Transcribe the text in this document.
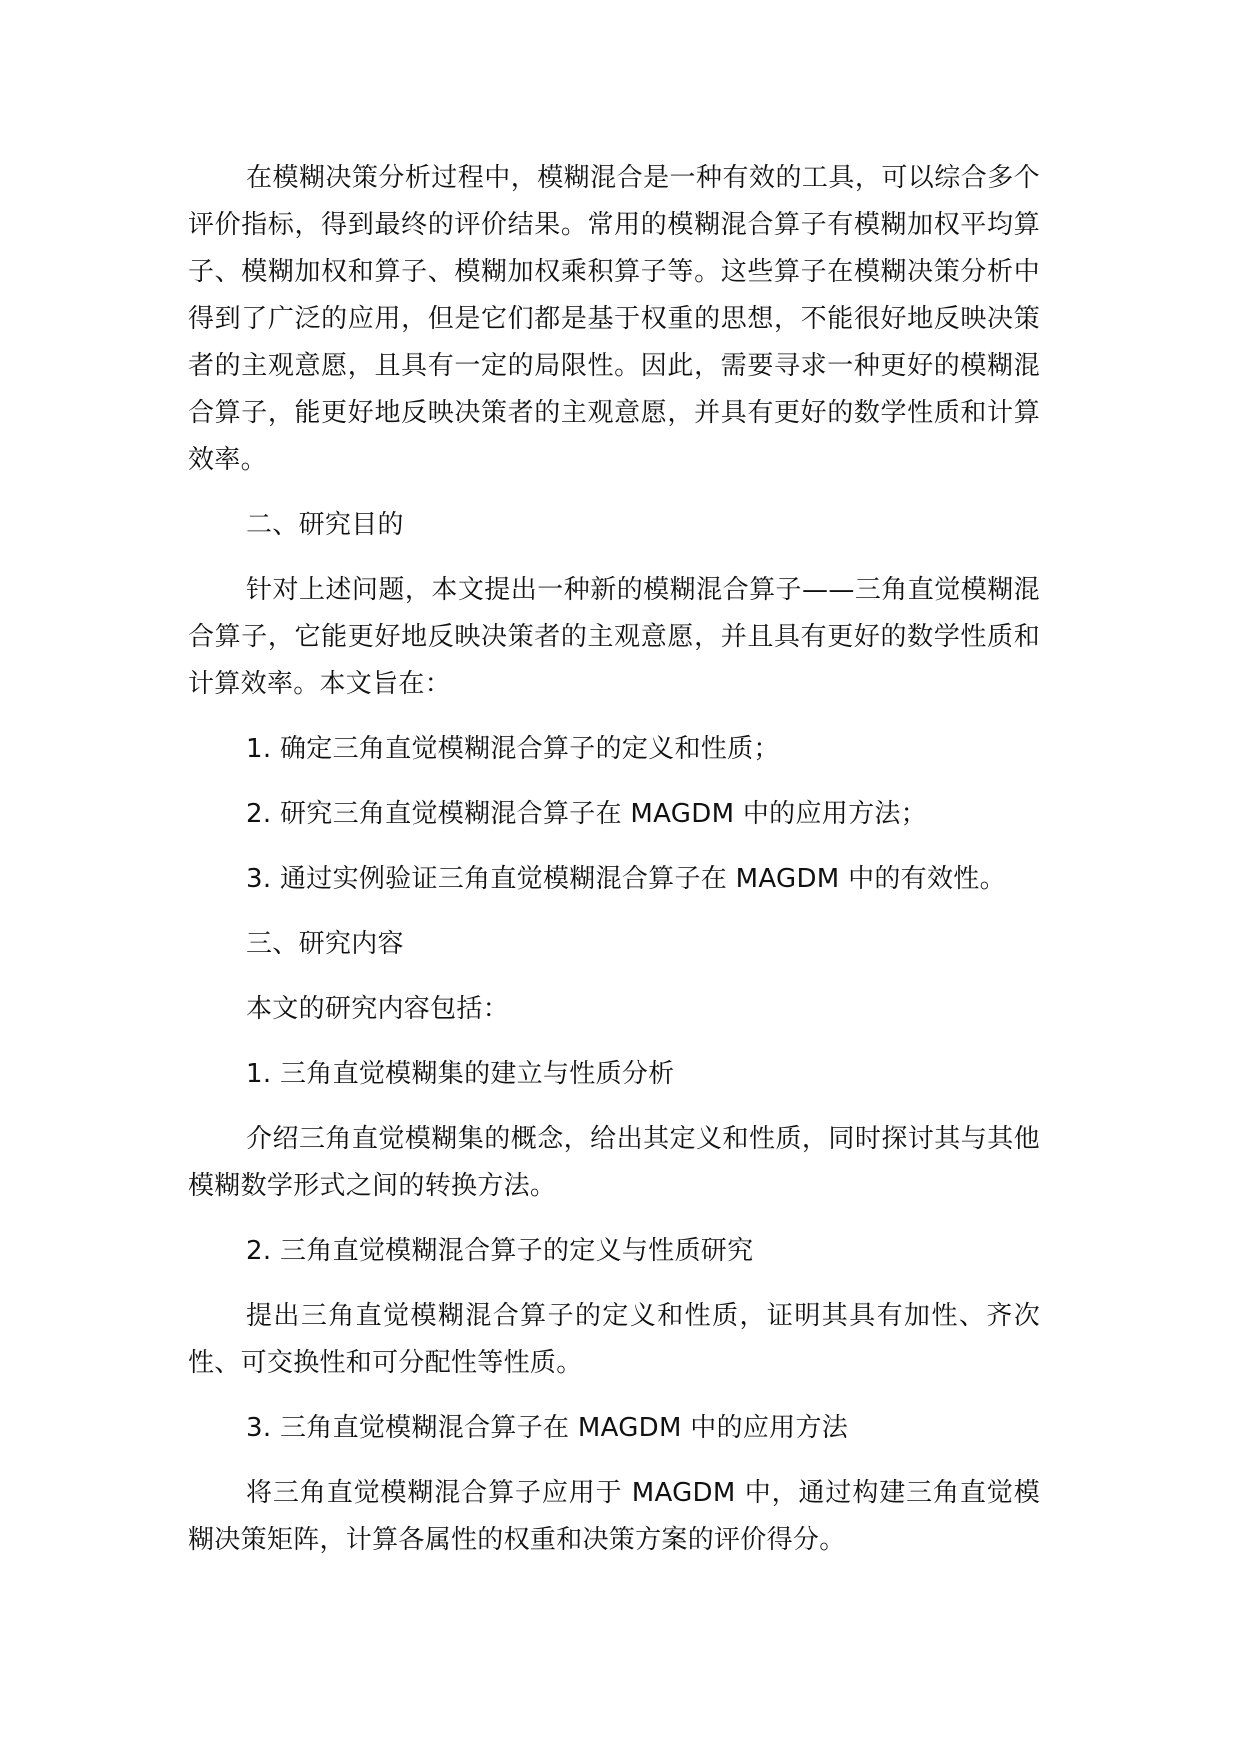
在模糊决策分析过程中，模糊混合是一种有效的工具，可以综合多个评价指标，得到最终的评价结果。常用的模糊混合算子有模糊加权平均算子、模糊加权和算子、模糊加权乘积算子等。这些算子在模糊决策分析中得到了广泛的应用，但是它们都是基于权重的思想，不能很好地反映决策者的主观意愿，且具有一定的局限性。因此，需要寻求一种更好的模糊混合算子，能更好地反映决策者的主观意愿，并具有更好的数学性质和计算效率。

二、研究目的

针对上述问题，本文提出一种新的模糊混合算子——三角直觉模糊混合算子，它能更好地反映决策者的主观意愿，并且具有更好的数学性质和计算效率。本文旨在：

1. 确定三角直觉模糊混合算子的定义和性质；

2. 研究三角直觉模糊混合算子在 MAGDM 中的应用方法；

3. 通过实例验证三角直觉模糊混合算子在 MAGDM 中的有效性。

三、研究内容

本文的研究内容包括：

1. 三角直觉模糊集的建立与性质分析

介绍三角直觉模糊集的概念，给出其定义和性质，同时探讨其与其他模糊数学形式之间的转换方法。

2. 三角直觉模糊混合算子的定义与性质研究

提出三角直觉模糊混合算子的定义和性质，证明其具有加性、齐次性、可交换性和可分配性等性质。

3. 三角直觉模糊混合算子在 MAGDM 中的应用方法

将三角直觉模糊混合算子应用于 MAGDM 中，通过构建三角直觉模糊决策矩阵，计算各属性的权重和决策方案的评价得分。
